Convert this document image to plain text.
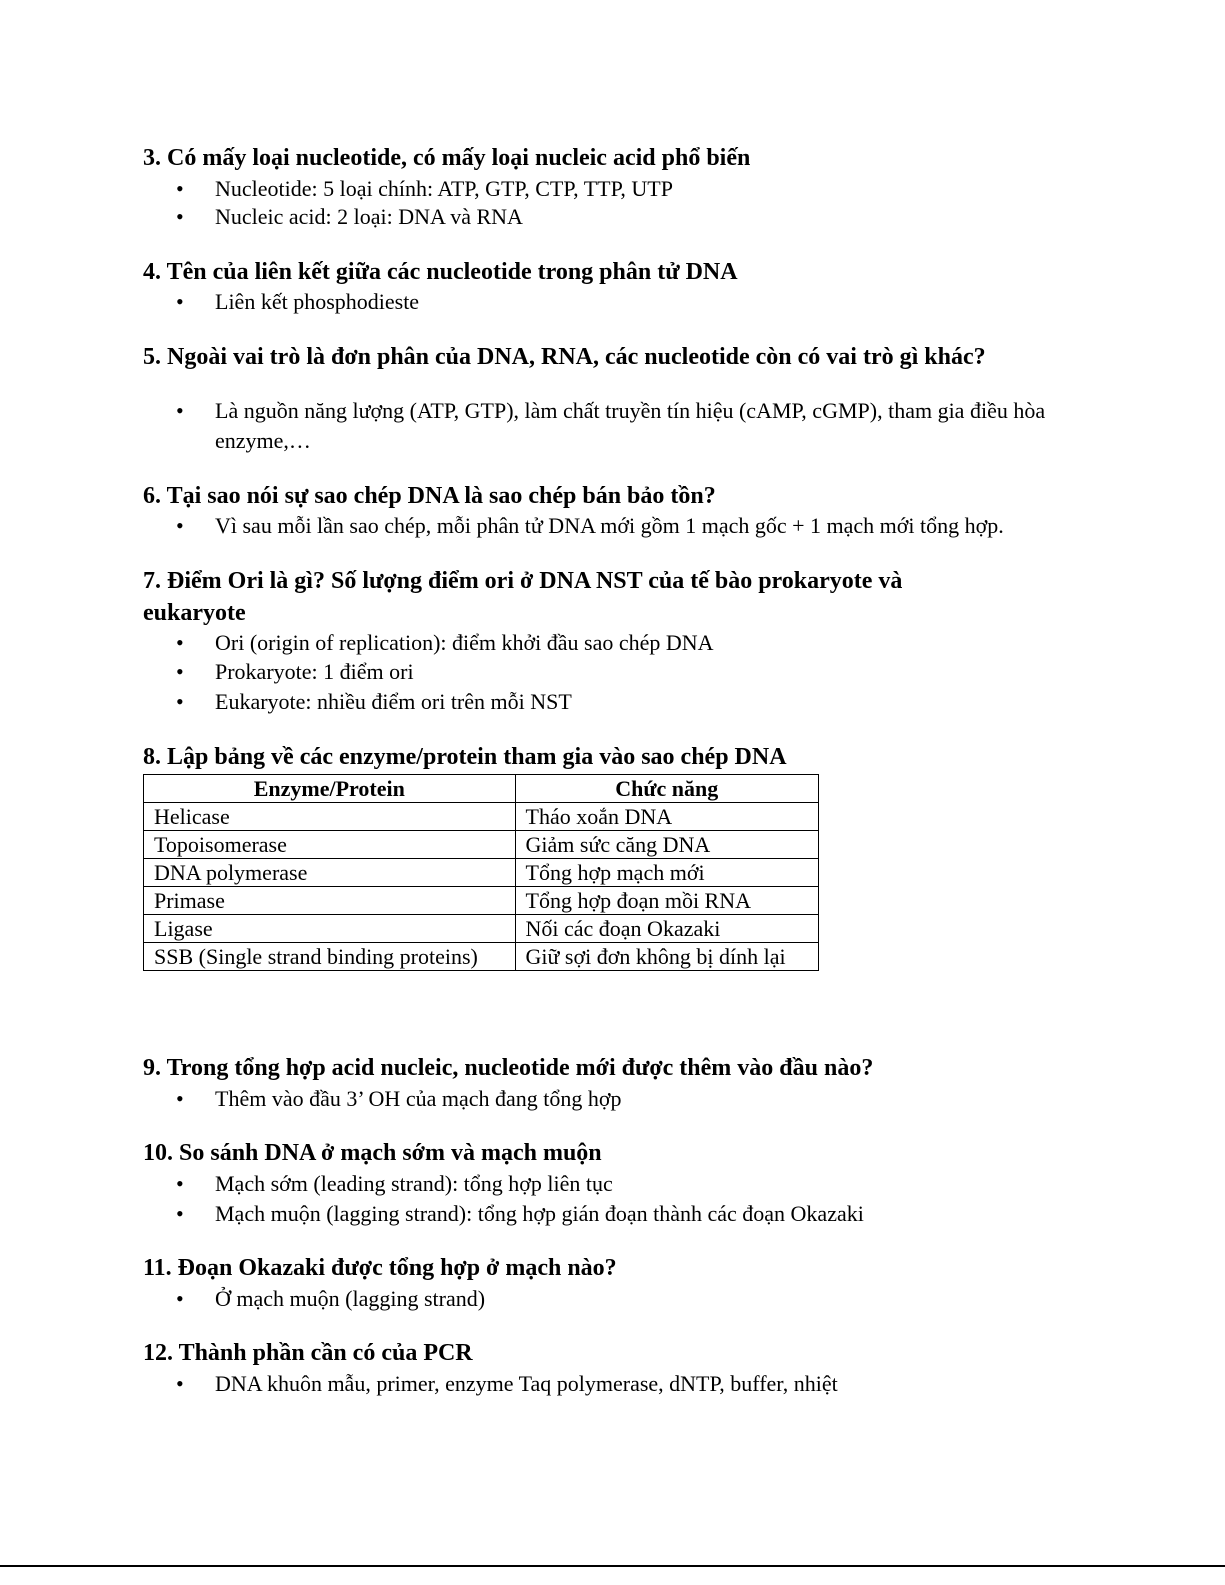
3. Có mấy loại nucleotide, có mấy loại nucleic acid phổ biến
• Nucleotide: 5 loại chính: ATP, GTP, CTP, TTP, UTP
• Nucleic acid: 2 loại: DNA và RNA
4. Tên của liên kết giữa các nucleotide trong phân tử DNA
• Liên kết phosphodieste
5. Ngoài vai trò là đơn phân của DNA, RNA, các nucleotide còn có vai trò gì khác?
• Là nguồn năng lượng (ATP, GTP), làm chất truyền tín hiệu (cAMP, cGMP), tham gia điều hòa enzyme,…
6. Tại sao nói sự sao chép DNA là sao chép bán bảo tồn?
• Vì sau mỗi lần sao chép, mỗi phân tử DNA mới gồm 1 mạch gốc + 1 mạch mới tổng hợp.
7. Điểm Ori là gì? Số lượng điểm ori ở DNA NST của tế bào prokaryote và
eukaryote
• Ori (origin of replication): điểm khởi đầu sao chép DNA
• Prokaryote: 1 điểm ori
• Eukaryote: nhiều điểm ori trên mỗi NST
8. Lập bảng về các enzyme/protein tham gia vào sao chép DNA
Enzyme/Protein	Chức năng
Helicase	Tháo xoắn DNA
Topoisomerase	Giảm sức căng DNA
DNA polymerase	Tổng hợp mạch mới
Primase	Tổng hợp đoạn mồi RNA
Ligase	Nối các đoạn Okazaki
SSB (Single strand binding proteins)	Giữ sợi đơn không bị dính lại
9. Trong tổng hợp acid nucleic, nucleotide mới được thêm vào đầu nào?
• Thêm vào đầu 3’ OH của mạch đang tổng hợp
10. So sánh DNA ở mạch sớm và mạch muộn
• Mạch sớm (leading strand): tổng hợp liên tục
• Mạch muộn (lagging strand): tổng hợp gián đoạn thành các đoạn Okazaki
11. Đoạn Okazaki được tổng hợp ở mạch nào?
• Ở mạch muộn (lagging strand)
12. Thành phần cần có của PCR
• DNA khuôn mẫu, primer, enzyme Taq polymerase, dNTP, buffer, nhiệt
